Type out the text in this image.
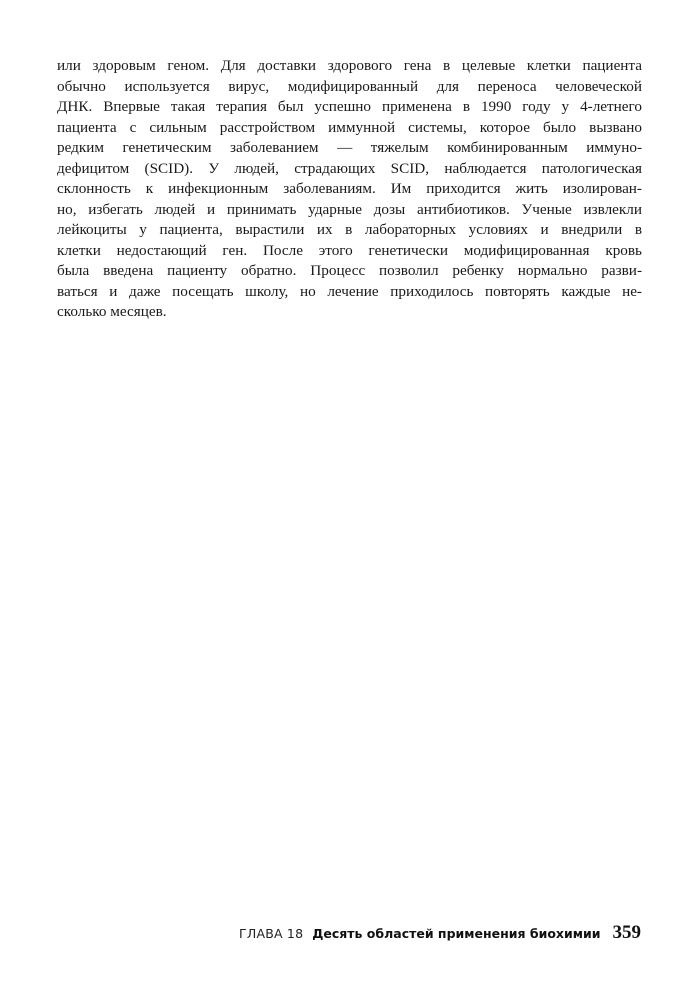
или здоровым геном. Для доставки здорового гена в целевые клетки пациента
обычно используется вирус, модифицированный для переноса человеческой
ДНК. Впервые такая терапия был успешно применена в 1990 году у 4-летнего
пациента с сильным расстройством иммунной системы, которое было вызвано
редким генетическим заболеванием — тяжелым комбинированным иммуно-
дефицитом (SCID). У людей, страдающих SCID, наблюдается патологическая
склонность к инфекционным заболеваниям. Им приходится жить изолирован-
но, избегать людей и принимать ударные дозы антибиотиков. Ученые извлекли
лейкоциты у пациента, вырастили их в лабораторных условиях и внедрили в
клетки недостающий ген. После этого генетически модифицированная кровь
была введена пациенту обратно. Процесс позволил ребенку нормально разви-
ваться и даже посещать школу, но лечение приходилось повторять каждые не-
сколько месяцев.
ГЛАВА 18 Десять областей применения биохимии 359
